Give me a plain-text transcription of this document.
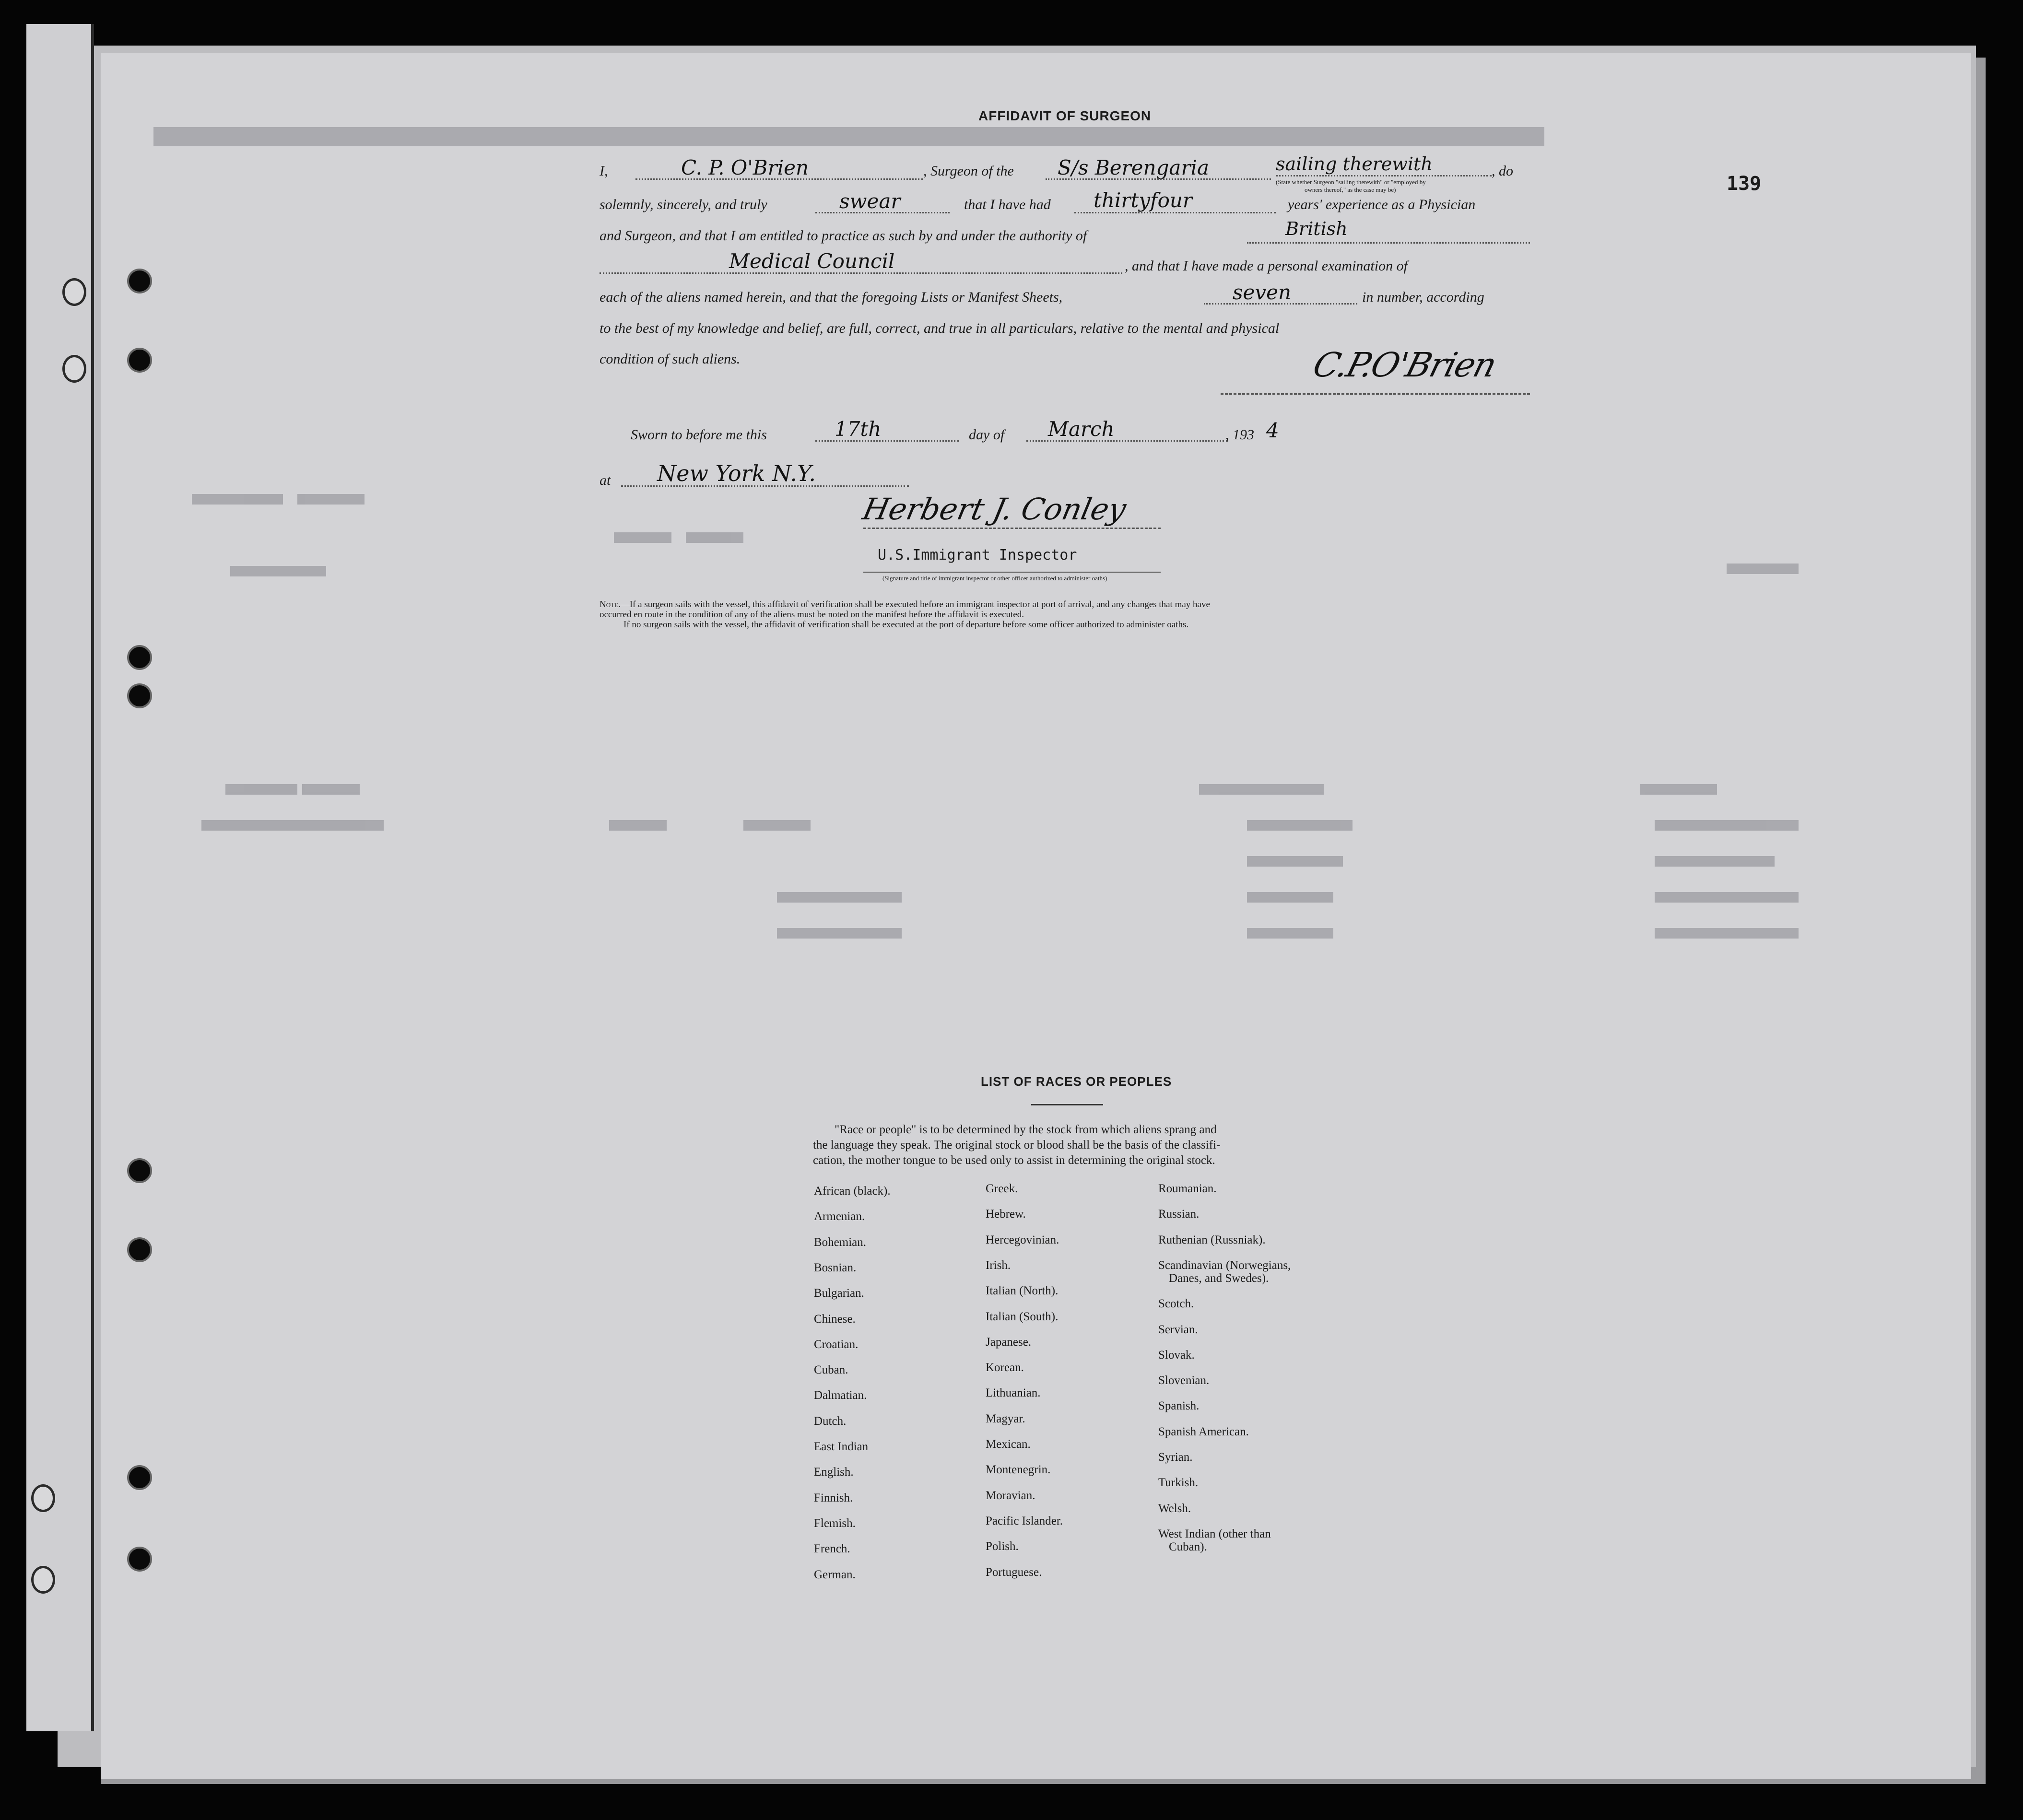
139
AFFIDAVIT OF SURGEON
I,	C. P. O'Brien	, Surgeon of the S/s Berengaria	sailing therewith	, do
(State whether Surgeon "sailing therewith" or "employed by
owners thereof," as the case may be)
solemnly, sincerely, and truly	swear	that I have had thirtyfour	years' experience as a Physician
and Surgeon, and that I am entitled to practice as such by and under the authority of	British
Medical Council	, and that I have made a personal examination of
each of the aliens named herein, and that the foregoing Lists or Manifest Sheets,	seven	in number, according
to the best of my knowledge and belief, are full, correct, and true in all particulars, relative to the mental and physical
condition of such aliens.	C.P.O'Brien
Sworn to before me this	17th	day of March	, 193 4
at New York N.Y.
Herbert J. Conley
U.S.Immigrant Inspector
(Signature and title of immigrant inspector or other officer authorized to administer oaths)
Note.—If a surgeon sails with the vessel, this affidavit of verification shall be executed before an immigrant inspector at port of arrival, and any changes that may have
occurred en route in the condition of any of the aliens must be noted on the manifest before the affidavit is executed.
If no surgeon sails with the vessel, the affidavit of verification shall be executed at the port of departure before some officer authorized to administer oaths.
LIST OF RACES OR PEOPLES
"Race or people" is to be determined by the stock from which aliens sprang and
the language they speak. The original stock or blood shall be the basis of the classifi-
cation, the mother tongue to be used only to assist in determining the original stock.
African (black).
Armenian.
Bohemian.
Bosnian.
Bulgarian.
Chinese.
Croatian.
Cuban.
Dalmatian.
Dutch.
East Indian
English.
Finnish.
Flemish.
French.
German.
Greek.
Hebrew.
Hercegovinian.
Irish.
Italian (North).
Italian (South).
Japanese.
Korean.
Lithuanian.
Magyar.
Mexican.
Montenegrin.
Moravian.
Pacific Islander.
Polish.
Portuguese.
Roumanian.
Russian.
Ruthenian (Russniak).
Scandinavian (Norwegians,
Danes, and Swedes).
Scotch.
Servian.
Slovak.
Slovenian.
Spanish.
Spanish American.
Syrian.
Turkish.
Welsh.
West Indian (other than
Cuban).
